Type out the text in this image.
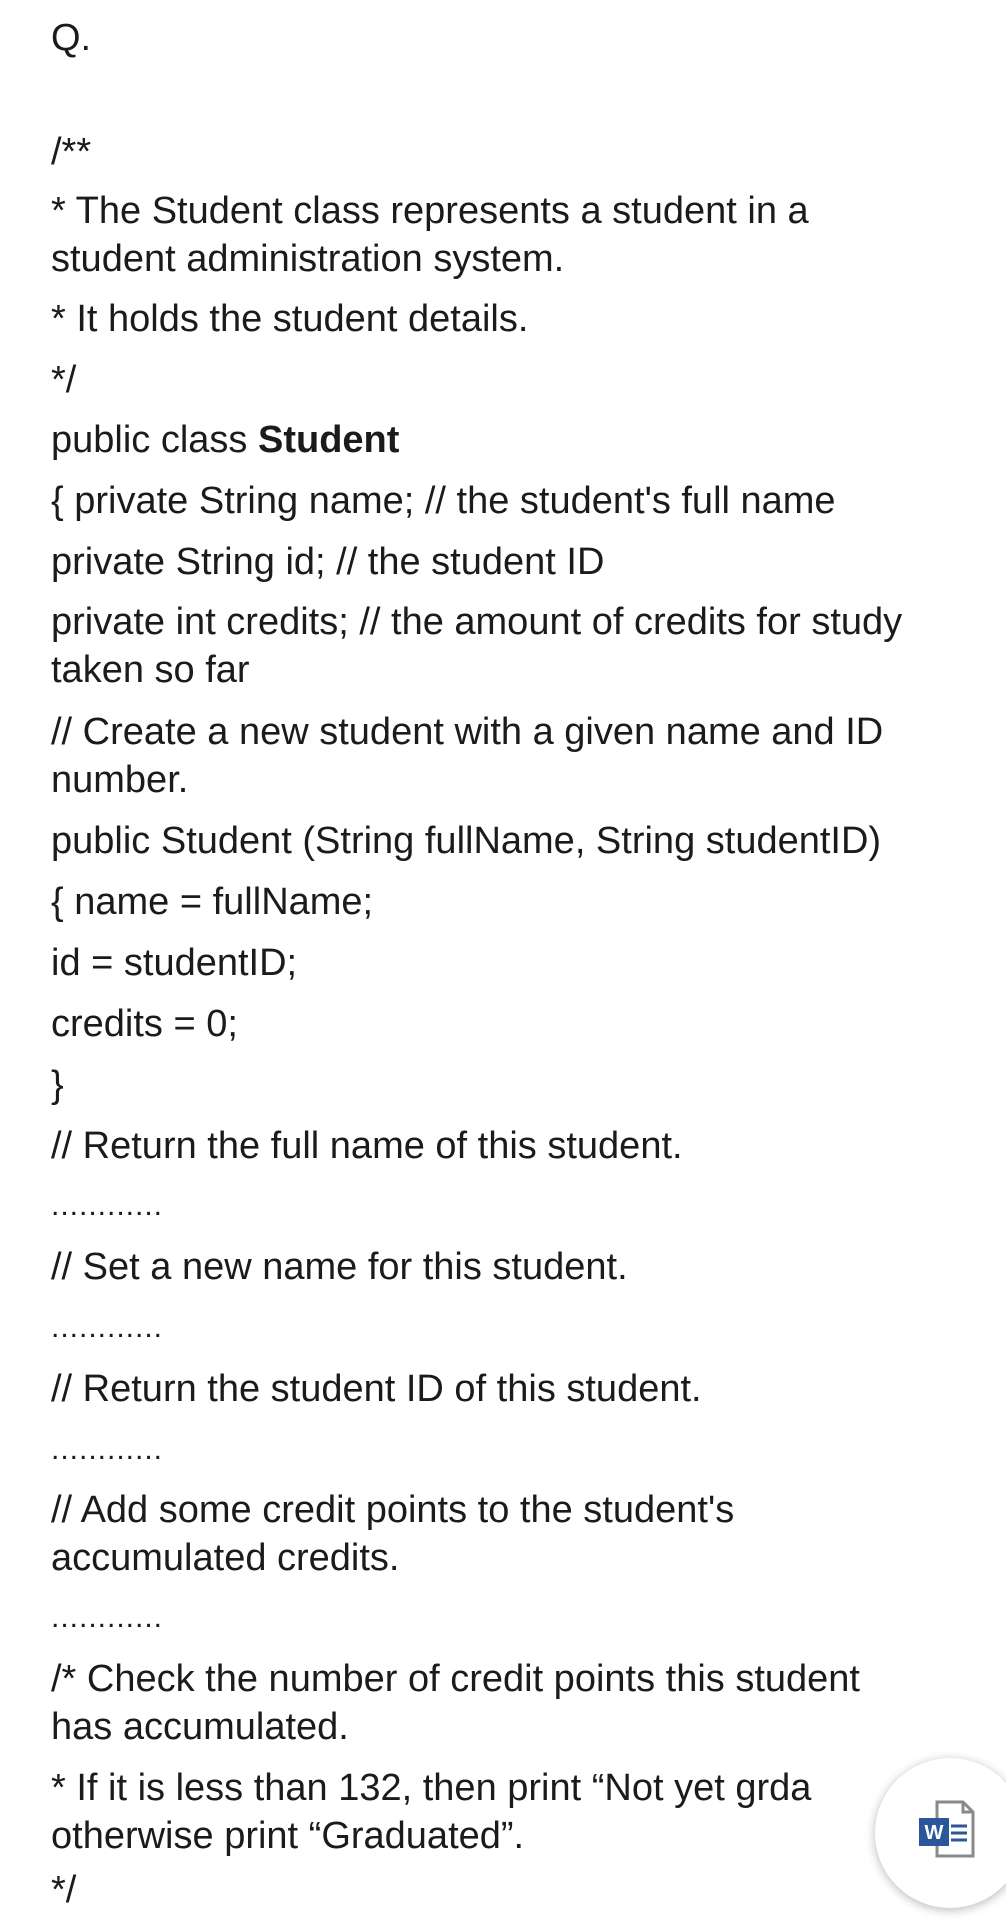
Q.

/**

* The Student class represents a student in a

student administration system.

* It holds the student details.

*/

public class Student

{ private String name; // the student's full name

private String id; // the student ID

private int credits; // the amount of credits for study

taken so far

// Create a new student with a given name and ID

number.

public Student (String fullName, String studentID)

{ name = fullName;

id = studentID;

credits = 0;

}

// Return the full name of this student.

............

// Set a new name for this student.

............

// Return the student ID of this student.

............

// Add some credit points to the student's

accumulated credits.

............

/* Check the number of credit points this student

has accumulated.

* If it is less than 132, then print “Not yet grda

otherwise print “Graduated”.

*/

W
